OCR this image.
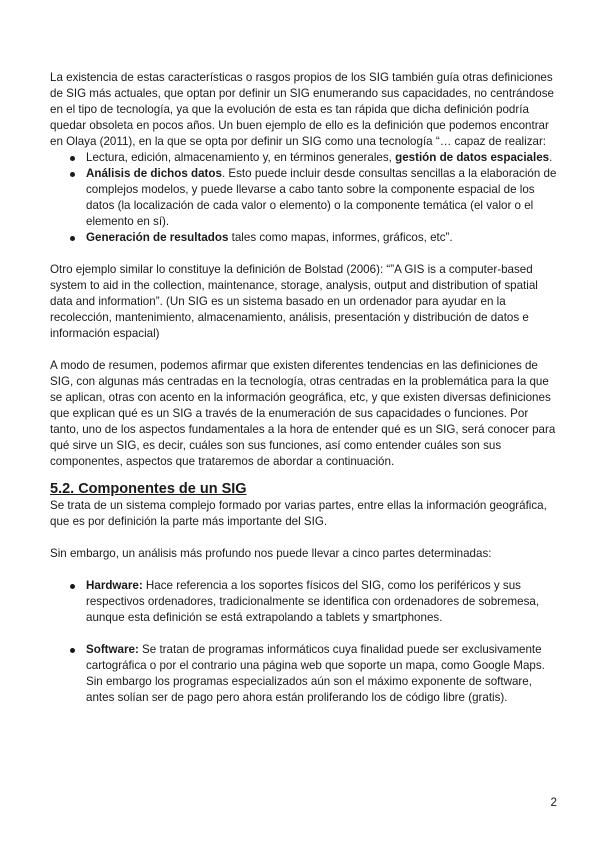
La existencia de estas características o rasgos propios de los SIG también guía otras definiciones de SIG más actuales, que optan por definir un SIG enumerando sus capacidades, no centrándose en el tipo de tecnología, ya que la evolución de esta es tan rápida que dicha definición podría quedar obsoleta en pocos años. Un buen ejemplo de ello es la definición que podemos encontrar en Olaya (2011), en la que se opta por definir un SIG como una tecnología “… capaz de realizar:

Lectura, edición, almacenamiento y, en términos generales, gestión de datos espaciales.
Análisis de dichos datos. Esto puede incluir desde consultas sencillas a la elaboración de complejos modelos, y puede llevarse a cabo tanto sobre la componente espacial de los datos (la localización de cada valor o elemento) o la componente temática (el valor o el elemento en sí).
Generación de resultados tales como mapas, informes, gráficos, etc”.

Otro ejemplo similar lo constituye la definición de Bolstad (2006): “”A GIS is a computer-based system to aid in the collection, maintenance, storage, analysis, output and distribution of spatial data and information”. (Un SIG es un sistema basado en un ordenador para ayudar en la recolección, mantenimiento, almacenamiento, análisis, presentación y distribución de datos e información espacial)

A modo de resumen, podemos afirmar que existen diferentes tendencias en las definiciones de SIG, con algunas más centradas en la tecnología, otras centradas en la problemática para la que se aplican, otras con acento en la información geográfica, etc, y que existen diversas definiciones que explican qué es un SIG a través de la enumeración de sus capacidades o funciones. Por tanto, uno de los aspectos fundamentales a la hora de entender qué es un SIG, será conocer para qué sirve un SIG, es decir, cuáles son sus funciones, así como entender cuáles son sus componentes, aspectos que trataremos de abordar a continuación.

5.2. Componentes de un SIG

Se trata de un sistema complejo formado por varias partes, entre ellas la información geográfica, que es por definición la parte más importante del SIG.

Sin embargo, un análisis más profundo nos puede llevar a cinco partes determinadas:

Hardware: Hace referencia a los soportes físicos del SIG, como los periféricos y sus respectivos ordenadores, tradicionalmente se identifica con ordenadores de sobremesa, aunque esta definición se está extrapolando a tablets y smartphones.
Software: Se tratan de programas informáticos cuya finalidad puede ser exclusivamente cartográfica o por el contrario una página web que soporte un mapa, como Google Maps. Sin embargo los programas especializados aún son el máximo exponente de software, antes solían ser de pago pero ahora están proliferando los de código libre (gratis).
2
